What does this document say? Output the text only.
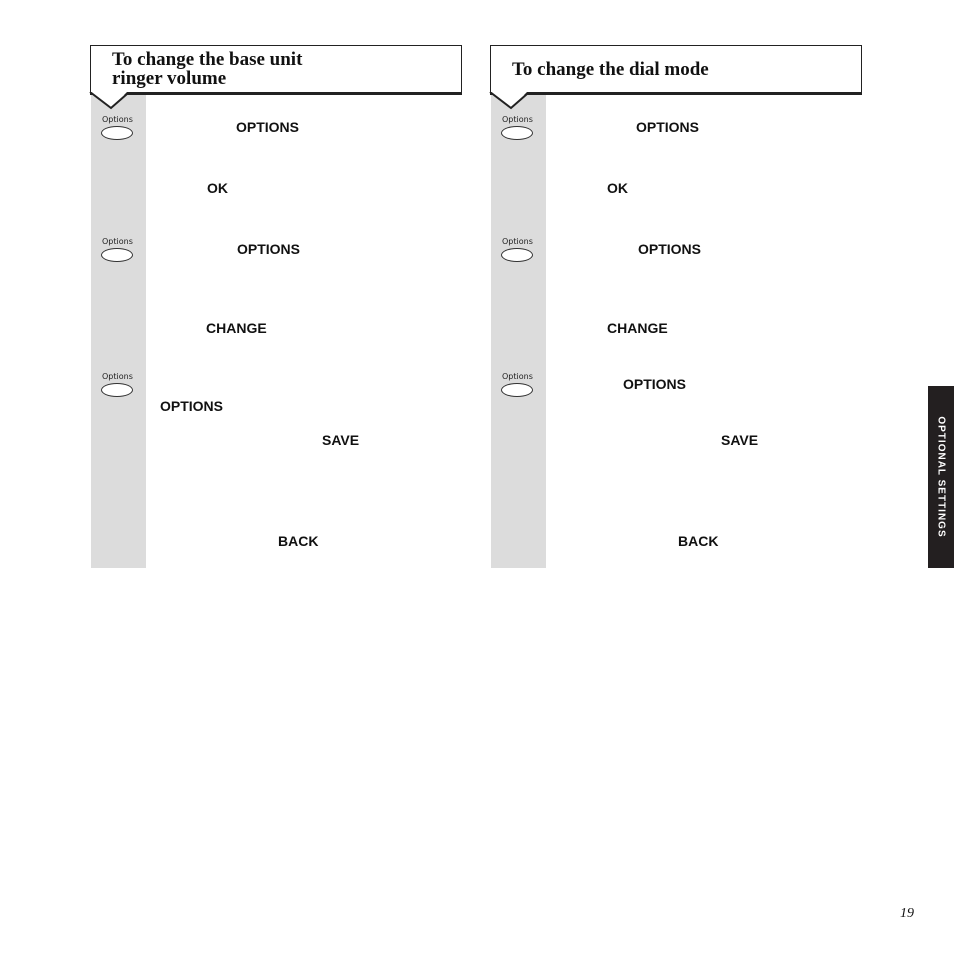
To change the base unit
ringer volume
Options
Options
Options
OPTIONS
OK
OPTIONS
CHANGE
OPTIONS
SAVE
BACK
To change the dial mode
Options
Options
Options
OPTIONS
OK
OPTIONS
CHANGE
OPTIONS
SAVE
BACK
OPTIONAL SETTINGS
19
